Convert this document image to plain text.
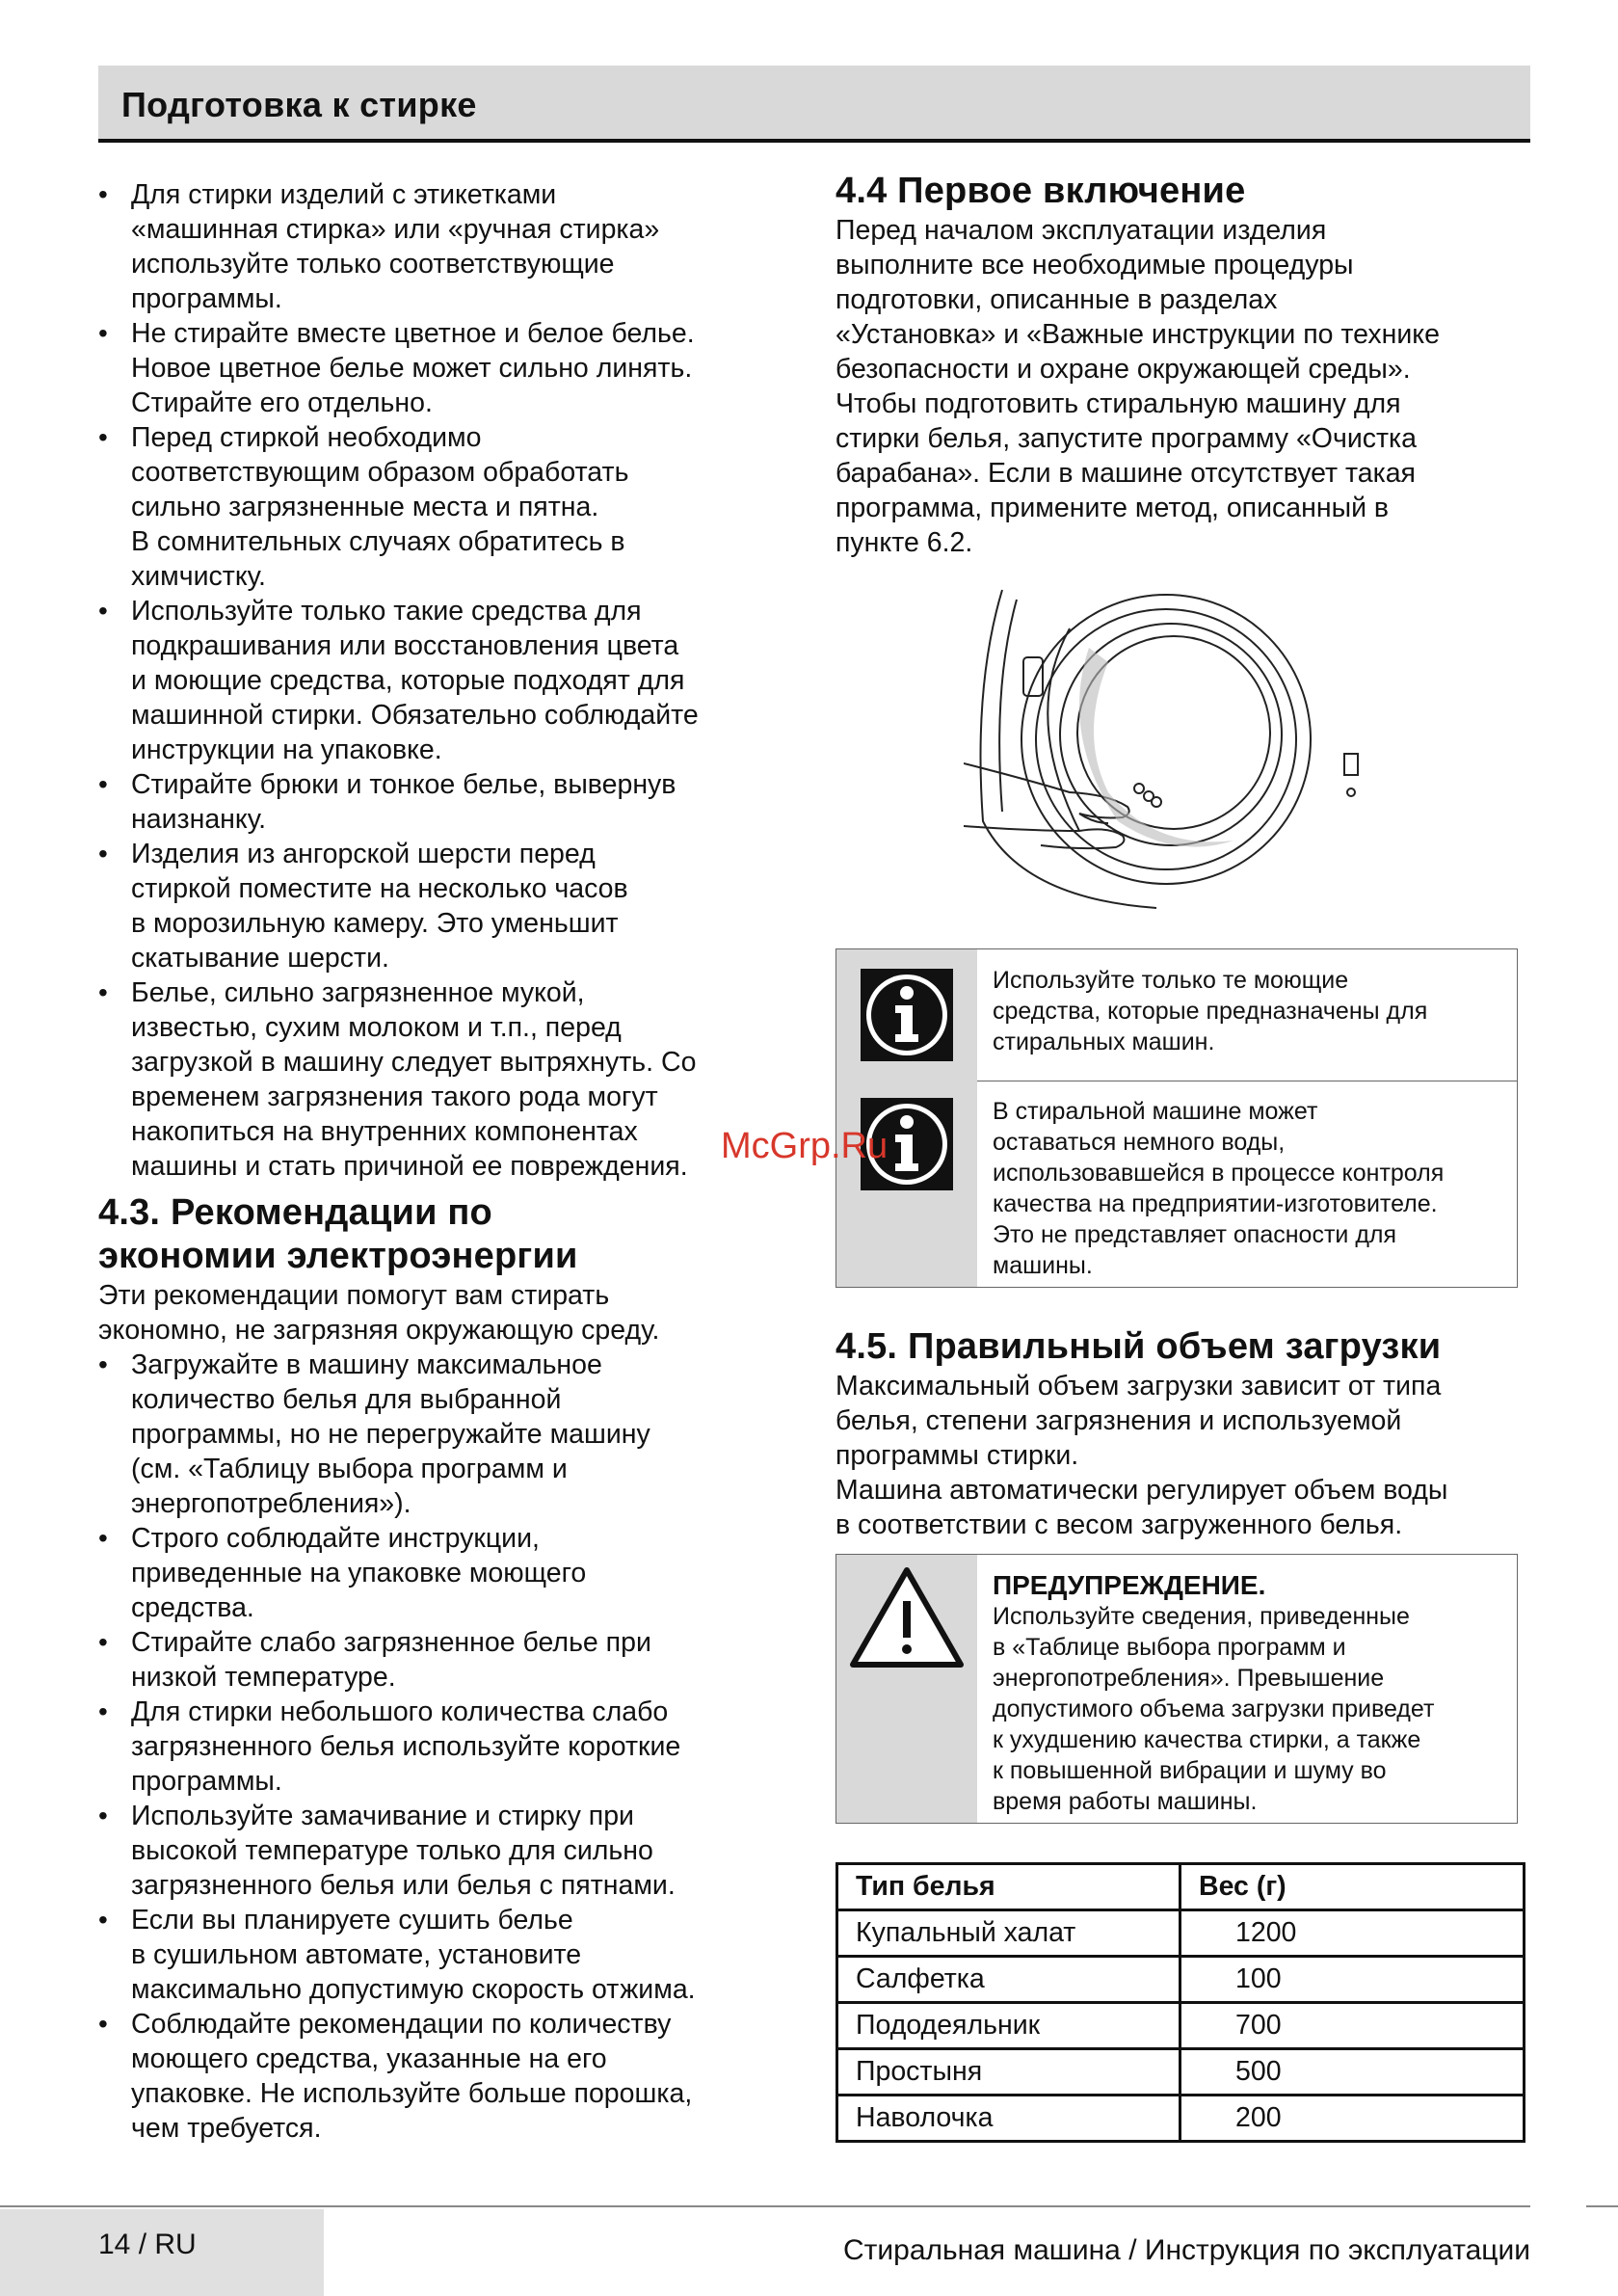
Подготовка к стирке
• Для стирки изделий с этикетками
«машинная стирка» или «ручная стирка»
используйте только соответствующие
программы.
• Не стирайте вместе цветное и белое белье.
Новое цветное белье может сильно линять.
Стирайте его отдельно.
• Перед стиркой необходимо
соответствующим образом обработать
сильно загрязненные места и пятна.
В сомнительных случаях обратитесь в
химчистку.
• Используйте только такие средства для
подкрашивания или восстановления цвета
и моющие средства, которые подходят для
машинной стирки. Обязательно соблюдайте
инструкции на упаковке.
• Стирайте брюки и тонкое белье, вывернув
наизнанку.
• Изделия из ангорской шерсти перед
стиркой поместите на несколько часов
в морозильную камеру. Это уменьшит
скатывание шерсти.
• Белье, сильно загрязненное мукой,
известью, сухим молоком и т.п., перед
загрузкой в машину следует вытряхнуть. Со
временем загрязнения такого рода могут
накопиться на внутренних компонентах
машины и стать причиной ее повреждения.
4.3. Рекомендации по
экономии электроэнергии
Эти рекомендации помогут вам стирать
экономно, не загрязняя окружающую среду.
• Загружайте в машину максимальное
количество белья для выбранной
программы, но не перегружайте машину
(см. «Таблицу выбора программ и
энергопотребления»).
• Строго соблюдайте инструкции,
приведенные на упаковке моющего
средства.
• Стирайте слабо загрязненное белье при
низкой температуре.
• Для стирки небольшого количества слабо
загрязненного белья используйте короткие
программы.
• Используйте замачивание и стирку при
высокой температуре только для сильно
загрязненного белья или белья с пятнами.
• Если вы планируете сушить белье
в сушильном автомате, установите
максимально допустимую скорость отжима.
• Соблюдайте рекомендации по количеству
моющего средства, указанные на его
упаковке. Не используйте больше порошка,
чем требуется.
4.4 Первое включение
Перед началом эксплуатации изделия
выполните все необходимые процедуры
подготовки, описанные в разделах
«Установка» и «Важные инструкции по технике
безопасности и охране окружающей среды».
Чтобы подготовить стиральную машину для
стирки белья, запустите программу «Очистка
барабана». Если в машине отсутствует такая
программа, примените метод, описанный в
пункте 6.2.
Используйте только те моющие
средства, которые предназначены для
стиральных машин.
В стиральной машине может
оставаться немного воды,
использовавшейся в процессе контроля
качества на предприятии-изготовителе.
Это не представляет опасности для
машины.
4.5. Правильный объем загрузки
Максимальный объем загрузки зависит от типа
белья, степени загрязнения и используемой
программы стирки.
Машина автоматически регулирует объем воды
в соответствии с весом загруженного белья.
ПРЕДУПРЕЖДЕНИЕ.
Используйте сведения, приведенные
в «Таблице выбора программ и
энергопотребления». Превышение
допустимого объема загрузки приведет
к ухудшению качества стирки, а также
к повышенной вибрации и шуму во
время работы машины.
Тип белья	Вес (г)
Купальный халат	1200
Салфетка	100
Пододеяльник	700
Простыня	500
Наволочка	200
McGrp.Ru
14 / RU	Стиральная машина / Инструкция по эксплуатации
